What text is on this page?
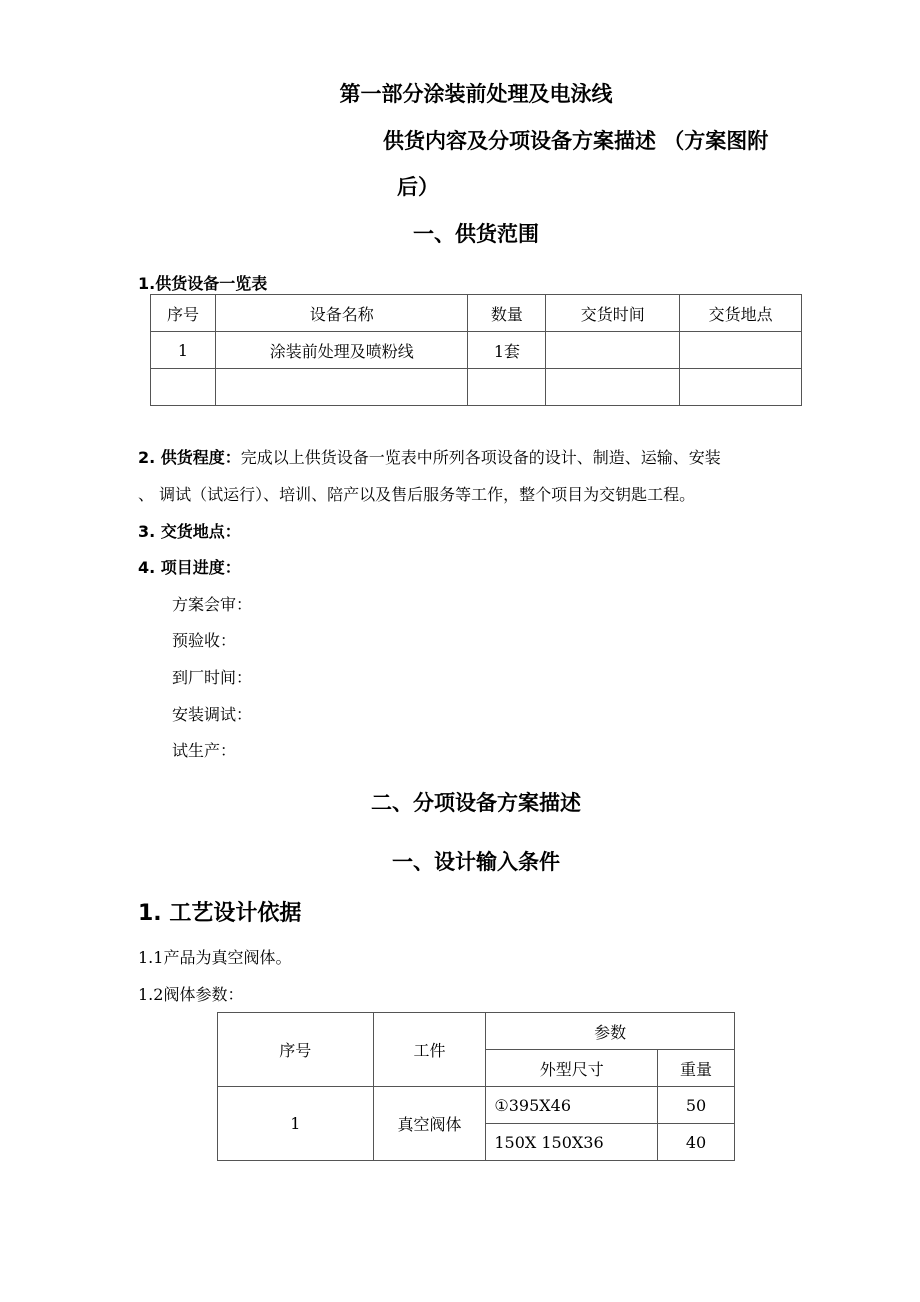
第一部分涂装前处理及电泳线
供货内容及分项设备方案描述 （方案图附
后）
一、供货范围
1.供货设备一览表
序号	设备名称	数量	交货时间	交货地点
1	涂装前处理及喷粉线	1套		

2. 供货程度：完成以上供货设备一览表中所列各项设备的设计、制造、运输、安装
、 调试（试运行）、培训、陪产以及售后服务等工作，整个项目为交钥匙工程。
3. 交货地点：
4. 项目进度：
方案会审：
预验收：
到厂时间：
安装调试：
试生产：
二、分项设备方案描述
一、设计输入条件
1. 工艺设计依据
1.1产品为真空阀体。
1.2阀体参数：
序号	工件	参数	
		外型尺寸	重量
1	真空阀体	①395X46	50
		150X 150X36	40
